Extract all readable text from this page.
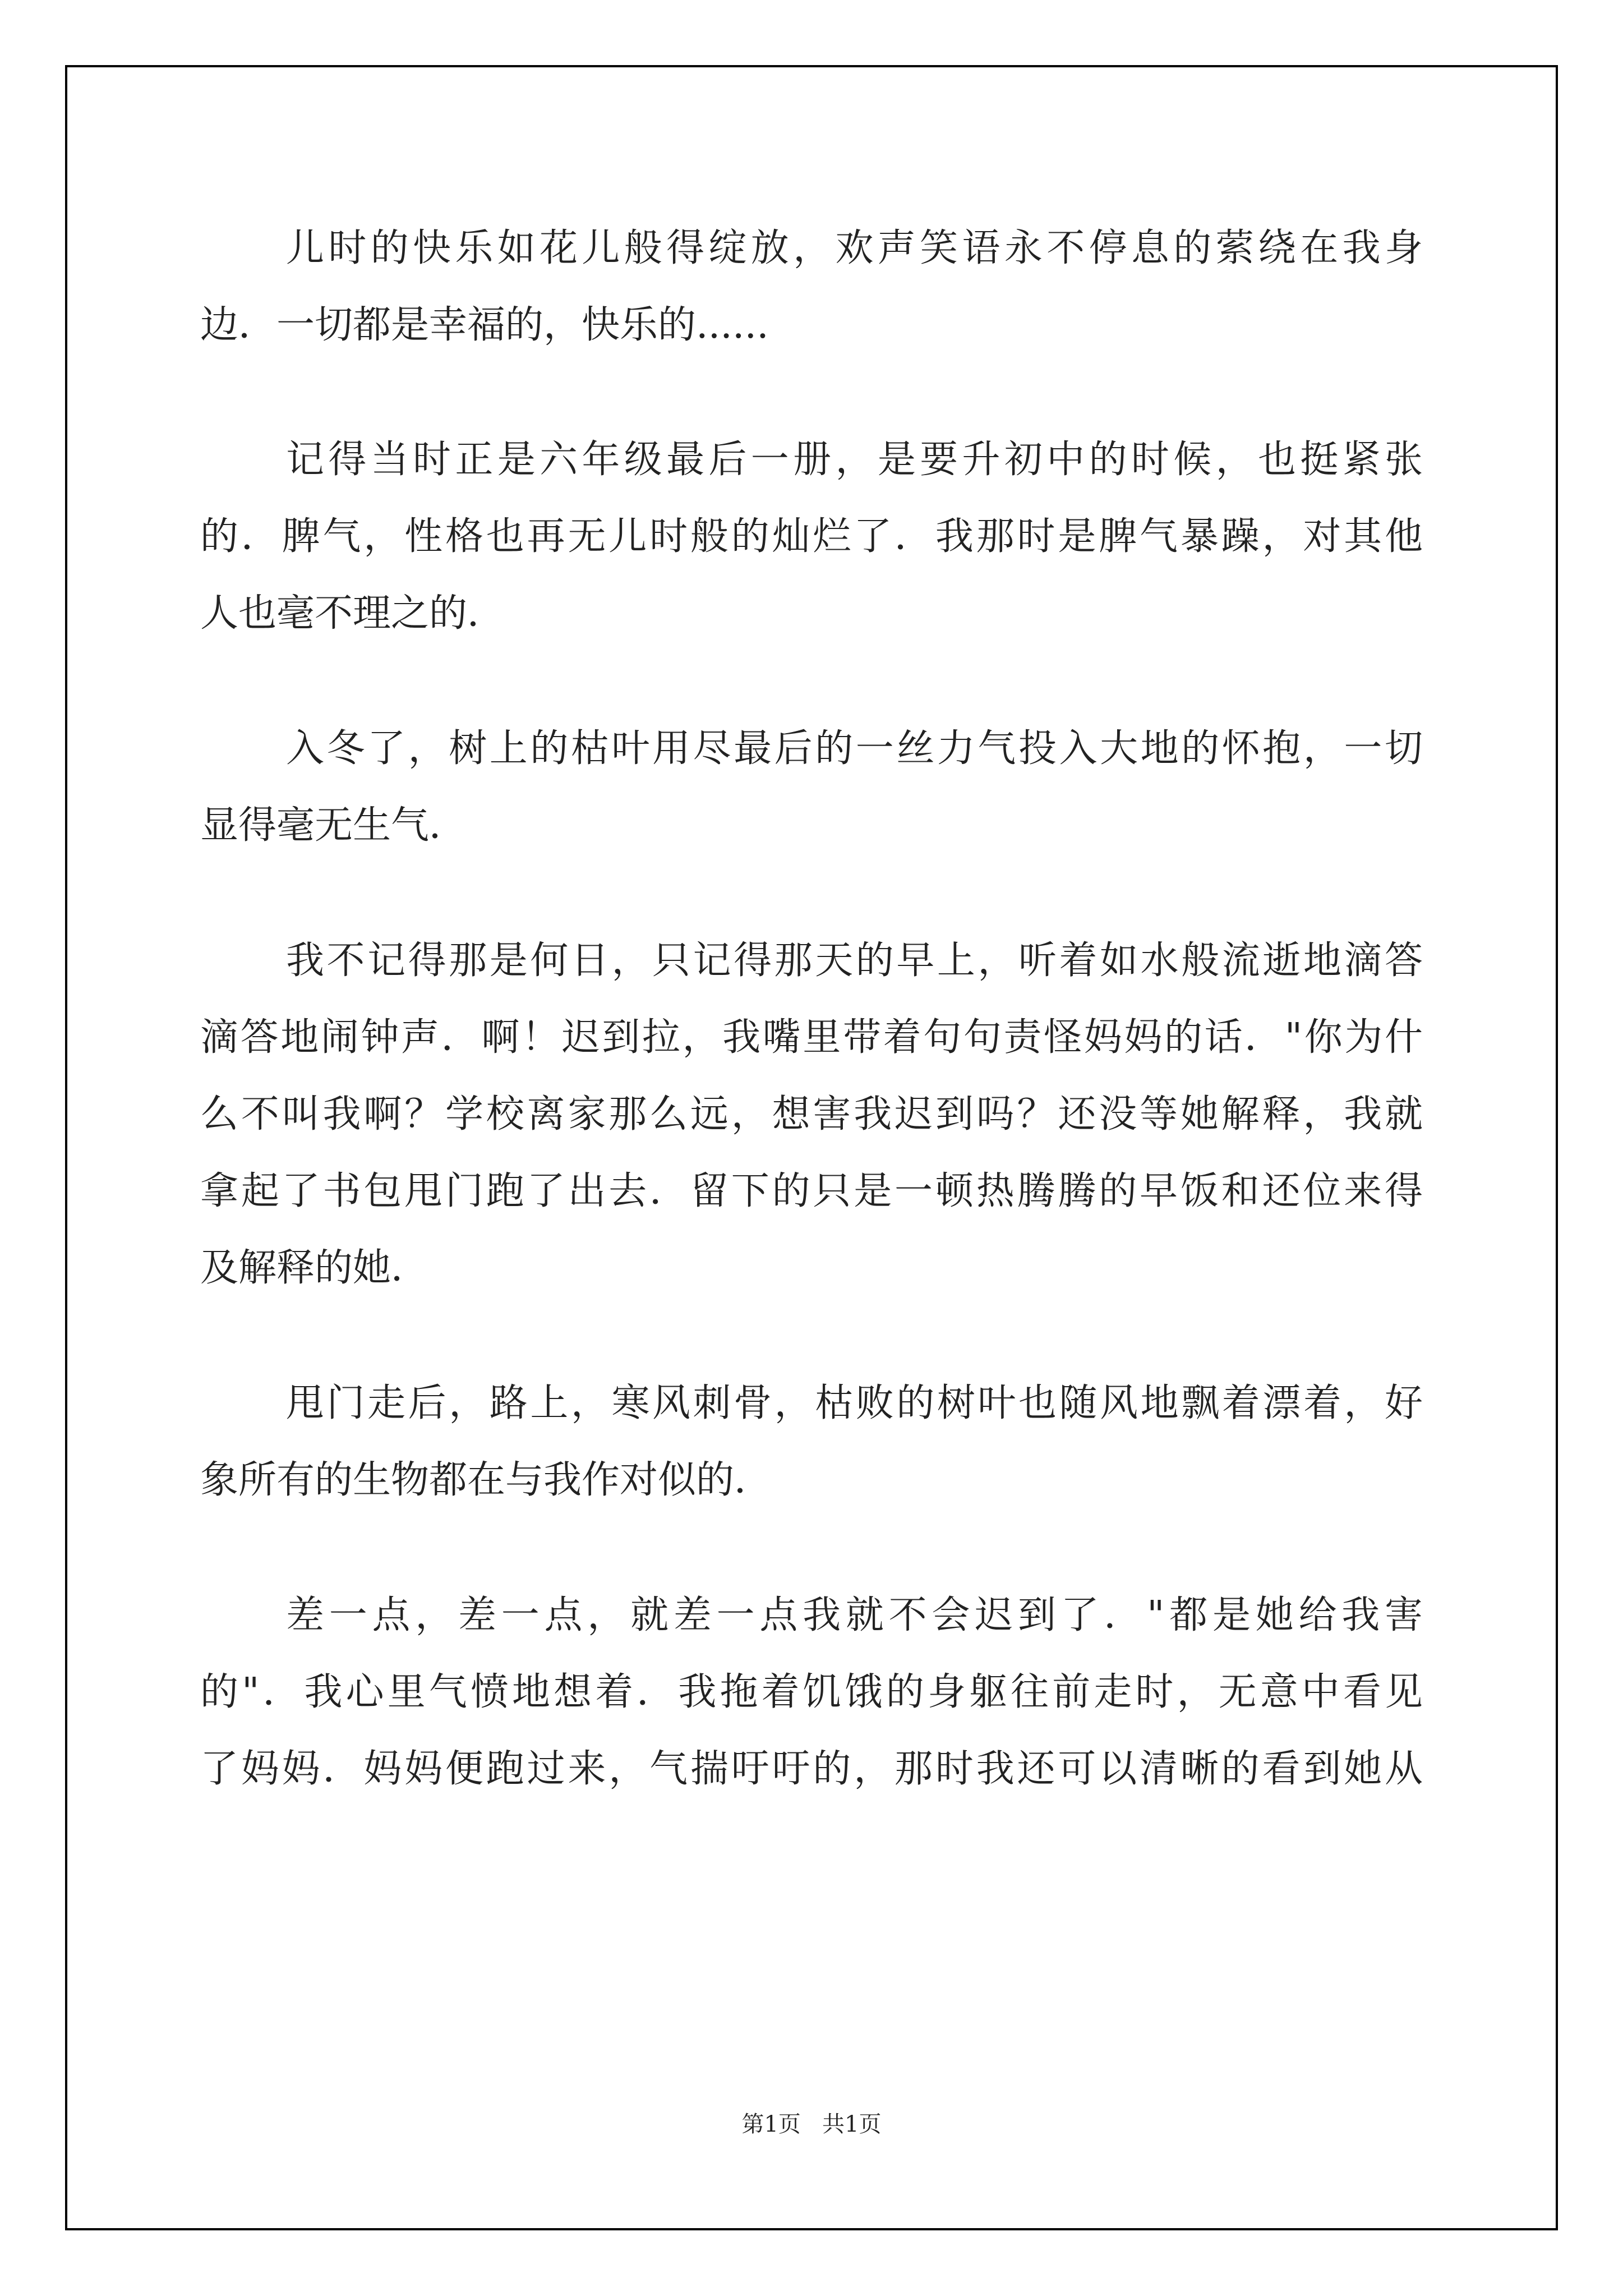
儿时的快乐如花儿般得绽放，欢声笑语永不停息的萦绕在我身

边．一切都是幸福的，快乐的......

记得当时正是六年级最后一册，是要升初中的时候，也挺紧张

的．脾气，性格也再无儿时般的灿烂了．我那时是脾气暴躁，对其他

人也毫不理之的．

入冬了，树上的枯叶用尽最后的一丝力气投入大地的怀抱，一切

显得毫无生气．

我不记得那是何日，只记得那天的早上，听着如水般流逝地滴答

滴答地闹钟声．啊！迟到拉，我嘴里带着句句责怪妈妈的话．"你为什

么不叫我啊？学校离家那么远，想害我迟到吗？还没等她解释，我就

拿起了书包甩门跑了出去．留下的只是一顿热腾腾的早饭和还位来得

及解释的她．

甩门走后，路上，寒风刺骨，枯败的树叶也随风地飘着漂着，好

象所有的生物都在与我作对似的．

差一点，差一点，就差一点我就不会迟到了．"都是她给我害

的"．我心里气愤地想着．我拖着饥饿的身躯往前走时，无意中看见

了妈妈．妈妈便跑过来，气揣吁吁的，那时我还可以清晰的看到她从

第1页   共1页
